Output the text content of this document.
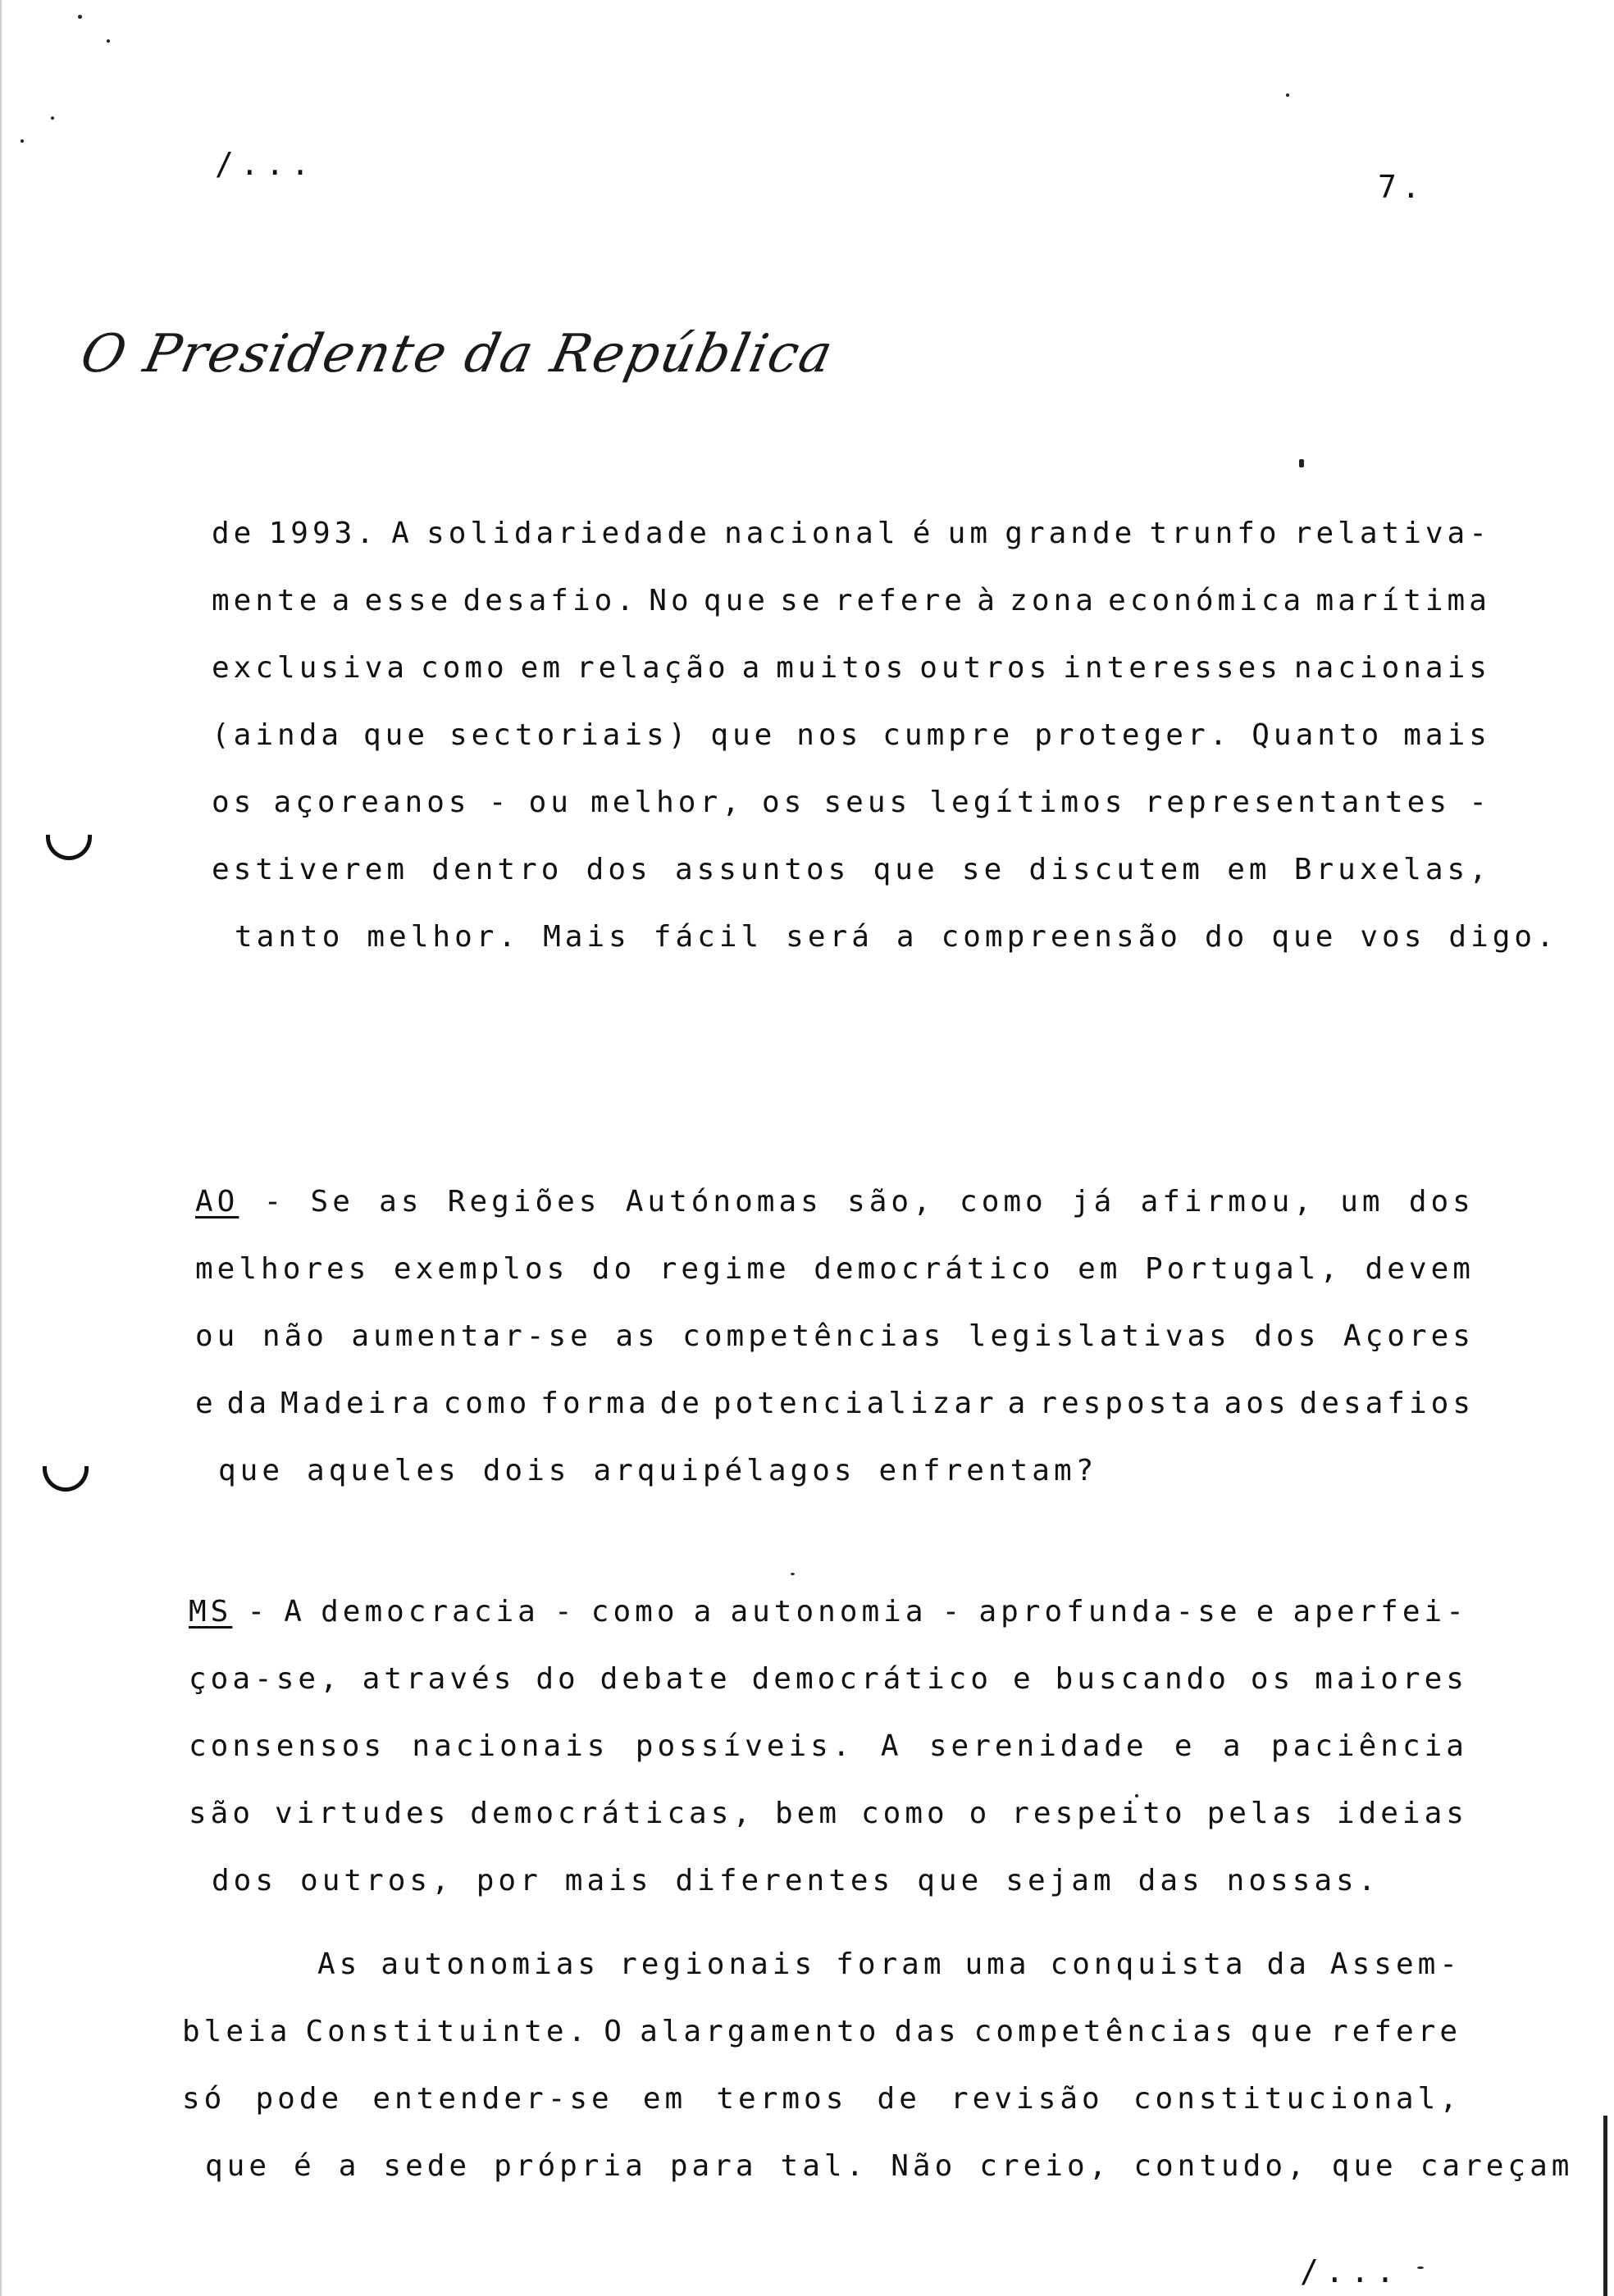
/...
7.
O Presidente da República
de 1993. A solidariedade nacional é um grande trunfo relativa-
mente a esse desafio. No que se refere à zona económica marítima
exclusiva como em relação a muitos outros interesses nacionais
(ainda que sectoriais) que nos cumpre proteger. Quanto mais
os açoreanos - ou melhor, os seus legítimos representantes -
estiverem dentro dos assuntos que se discutem em Bruxelas,
tanto melhor. Mais fácil será a compreensão do que vos digo.
AO - Se as Regiões Autónomas são, como já afirmou, um dos
melhores exemplos do regime democrático em Portugal, devem
ou não aumentar-se as competências legislativas dos Açores
e da Madeira como forma de potencializar a resposta aos desafios
que aqueles dois arquipélagos enfrentam?
MS - A democracia - como a autonomia - aprofunda-se e aperfei-
çoa-se, através do debate democrático e buscando os maiores
consensos nacionais possíveis. A serenidade e a paciência
são virtudes democráticas, bem como o respeito pelas ideias
dos outros, por mais diferentes que sejam das nossas.
As autonomias regionais foram uma conquista da Assem-
bleia Constituinte. O alargamento das competências que refere
só pode entender-se em termos de revisão constitucional,
que é a sede própria para tal. Não creio, contudo, que careçam
/...
